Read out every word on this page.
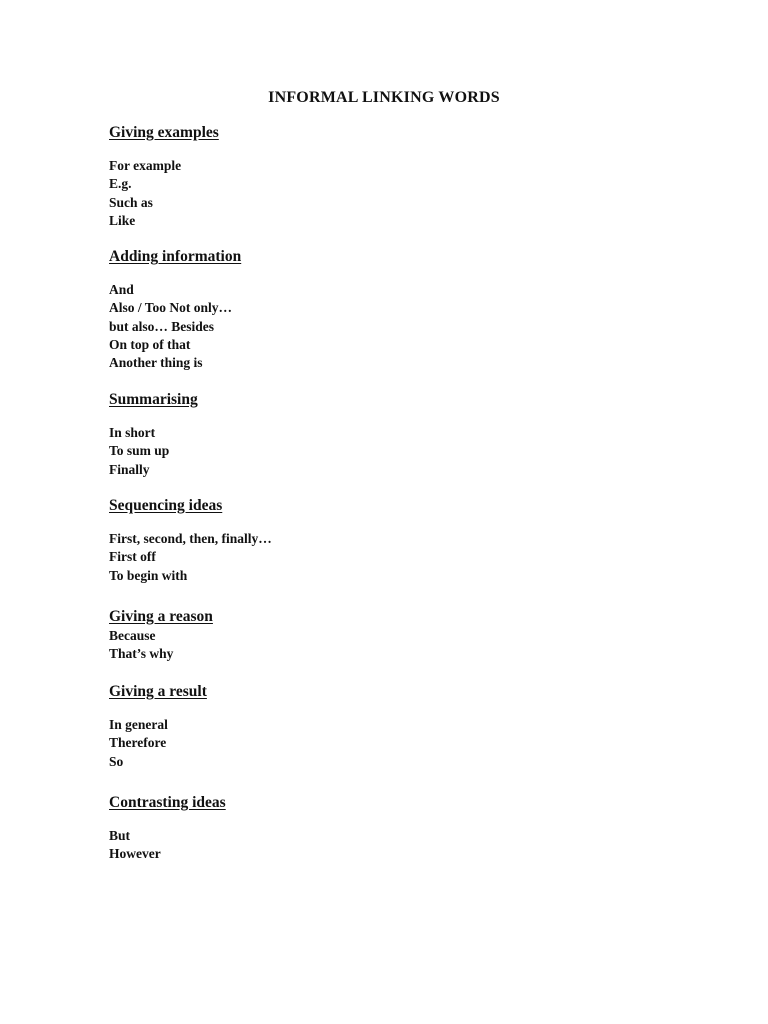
INFORMAL LINKING WORDS
Giving examples
For example
E.g.
Such as
Like
Adding information
And
Also / Too Not only…
but also… Besides
On top of that
Another thing is
Summarising
In short
To sum up
Finally
Sequencing ideas
First, second, then, finally…
First off
To begin with
Giving a reason
Because
That’s why
Giving a result
In general
Therefore
So
Contrasting ideas
But
However
